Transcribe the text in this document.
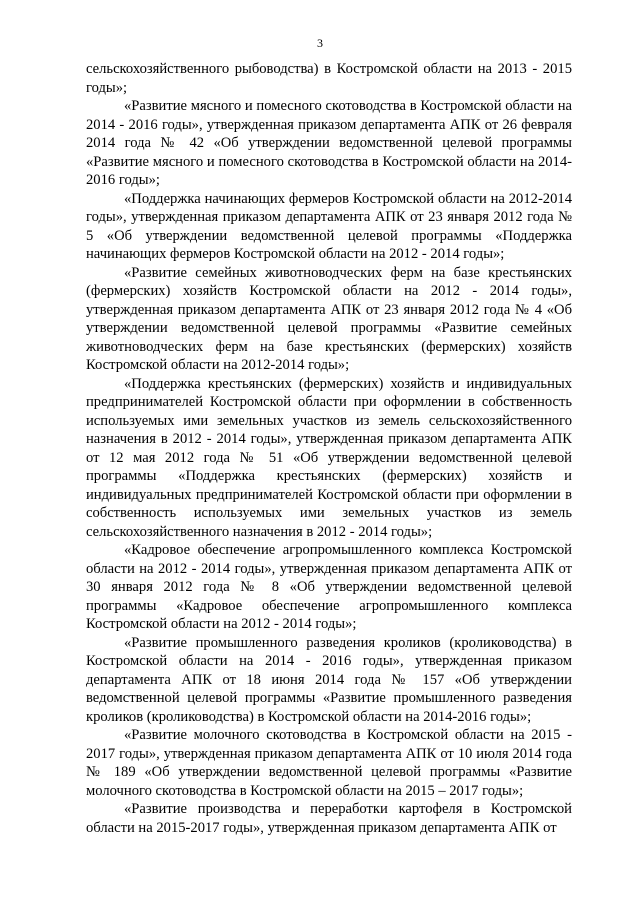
3

сельскохозяйственного рыбоводства) в Костромской области на 2013 - 2015 годы»;

«Развитие мясного и помесного скотоводства в Костромской области на 2014 - 2016 годы», утвержденная приказом департамента АПК от 26 февраля 2014 года № 42 «Об утверждении ведомственной целевой программы «Развитие мясного и помесного скотоводства в Костромской области на 2014-2016 годы»;

«Поддержка начинающих фермеров Костромской области на 2012-2014 годы», утвержденная приказом департамента АПК от 23 января 2012 года № 5 «Об утверждении ведомственной целевой программы «Поддержка начинающих фермеров Костромской области на 2012 - 2014 годы»;

«Развитие семейных животноводческих ферм на базе крестьянских (фермерских) хозяйств Костромской области на 2012 - 2014 годы», утвержденная приказом департамента АПК от 23 января 2012 года № 4 «Об утверждении ведомственной целевой программы «Развитие семейных животноводческих ферм на базе крестьянских (фермерских) хозяйств Костромской области на 2012-2014 годы»;

«Поддержка крестьянских (фермерских) хозяйств и индивидуальных предпринимателей Костромской области при оформлении в собственность используемых ими земельных участков из земель сельскохозяйственного назначения в 2012 - 2014 годы», утвержденная приказом департамента АПК от 12 мая 2012 года № 51 «Об утверждении ведомственной целевой программы «Поддержка крестьянских (фермерских) хозяйств и индивидуальных предпринимателей Костромской области при оформлении в собственность используемых ими земельных участков из земель сельскохозяйственного назначения в 2012 - 2014 годы»;

«Кадровое обеспечение агропромышленного комплекса Костромской области на 2012 - 2014 годы», утвержденная приказом департамента АПК от 30 января 2012 года № 8 «Об утверждении ведомственной целевой программы «Кадровое обеспечение агропромышленного комплекса Костромской области на 2012 - 2014 годы»;

«Развитие промышленного разведения кроликов (кролиководства) в Костромской области на 2014 - 2016 годы», утвержденная приказом департамента АПК от 18 июня 2014 года № 157 «Об утверждении ведомственной целевой программы «Развитие промышленного разведения кроликов (кролиководства) в Костромской области на 2014-2016 годы»;

«Развитие молочного скотоводства в Костромской области на 2015 - 2017 годы», утвержденная приказом департамента АПК от 10 июля 2014 года № 189 «Об утверждении ведомственной целевой программы «Развитие молочного скотоводства в Костромской области на 2015 – 2017 годы»;

«Развитие производства и переработки картофеля в Костромской области на 2015-2017 годы», утвержденная приказом департамента АПК от
